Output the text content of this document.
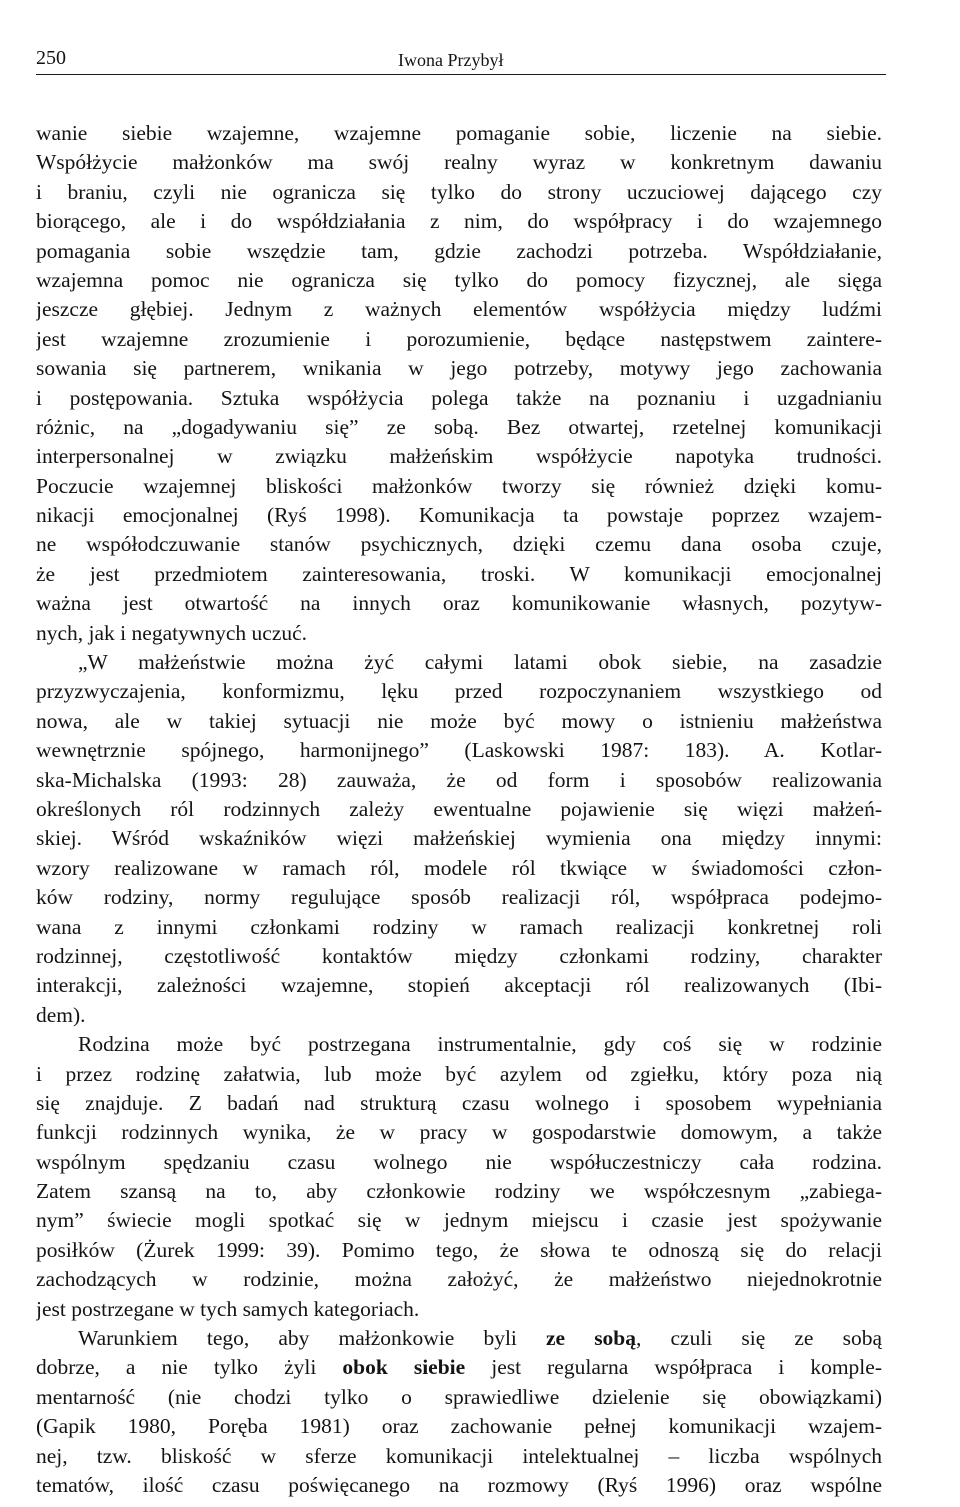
250	Iwona Przybył
wanie siebie wzajemne, wzajemne pomaganie sobie, liczenie na siebie.
Współżycie małżonków ma swój realny wyraz w konkretnym dawaniu
i braniu, czyli nie ogranicza się tylko do strony uczuciowej dającego czy
biorącego, ale i do współdziałania z nim, do współpracy i do wzajemnego
pomagania sobie wszędzie tam, gdzie zachodzi potrzeba. Współdziałanie,
wzajemna pomoc nie ogranicza się tylko do pomocy fizycznej, ale sięga
jeszcze głębiej. Jednym z ważnych elementów współżycia między ludźmi
jest wzajemne zrozumienie i porozumienie, będące następstwem zaintere-
sowania się partnerem, wnikania w jego potrzeby, motywy jego zachowania
i postępowania. Sztuka współżycia polega także na poznaniu i uzgadnianiu
różnic, na „dogadywaniu się” ze sobą. Bez otwartej, rzetelnej komunikacji
interpersonalnej w związku małżeńskim współżycie napotyka trudności.
Poczucie wzajemnej bliskości małżonków tworzy się również dzięki komu-
nikacji emocjonalnej (Ryś 1998). Komunikacja ta powstaje poprzez wzajem-
ne współodczuwanie stanów psychicznych, dzięki czemu dana osoba czuje,
że jest przedmiotem zainteresowania, troski. W komunikacji emocjonalnej
ważna jest otwartość na innych oraz komunikowanie własnych, pozytyw-
nych, jak i negatywnych uczuć.
„W małżeństwie można żyć całymi latami obok siebie, na zasadzie
przyzwyczajenia, konformizmu, lęku przed rozpoczynaniem wszystkiego od
nowa, ale w takiej sytuacji nie może być mowy o istnieniu małżeństwa
wewnętrznie spójnego, harmonijnego” (Laskowski 1987: 183). A. Kotlar-
ska-Michalska (1993: 28) zauważa, że od form i sposobów realizowania
określonych ról rodzinnych zależy ewentualne pojawienie się więzi małżeń-
skiej. Wśród wskaźników więzi małżeńskiej wymienia ona między innymi:
wzory realizowane w ramach ról, modele ról tkwiące w świadomości człon-
ków rodziny, normy regulujące sposób realizacji ról, współpraca podejmo-
wana z innymi członkami rodziny w ramach realizacji konkretnej roli
rodzinnej, częstotliwość kontaktów między członkami rodziny, charakter
interakcji, zależności wzajemne, stopień akceptacji ról realizowanych (Ibi-
dem).
Rodzina może być postrzegana instrumentalnie, gdy coś się w rodzinie
i przez rodzinę załatwia, lub może być azylem od zgiełku, który poza nią
się znajduje. Z badań nad strukturą czasu wolnego i sposobem wypełniania
funkcji rodzinnych wynika, że w pracy w gospodarstwie domowym, a także
wspólnym spędzaniu czasu wolnego nie współuczestniczy cała rodzina.
Zatem szansą na to, aby członkowie rodziny we współczesnym „zabiega-
nym” świecie mogli spotkać się w jednym miejscu i czasie jest spożywanie
posiłków (Żurek 1999: 39). Pomimo tego, że słowa te odnoszą się do relacji
zachodzących w rodzinie, można założyć, że małżeństwo niejednokrotnie
jest postrzegane w tych samych kategoriach.
Warunkiem tego, aby małżonkowie byli ze sobą, czuli się ze sobą
dobrze, a nie tylko żyli obok siebie jest regularna współpraca i komple-
mentarność (nie chodzi tylko o sprawiedliwe dzielenie się obowiązkami)
(Gapik 1980, Poręba 1981) oraz zachowanie pełnej komunikacji wzajem-
nej, tzw. bliskość w sferze komunikacji intelektualnej – liczba wspólnych
tematów, ilość czasu poświęcanego na rozmowy (Ryś 1996) oraz wspólne
